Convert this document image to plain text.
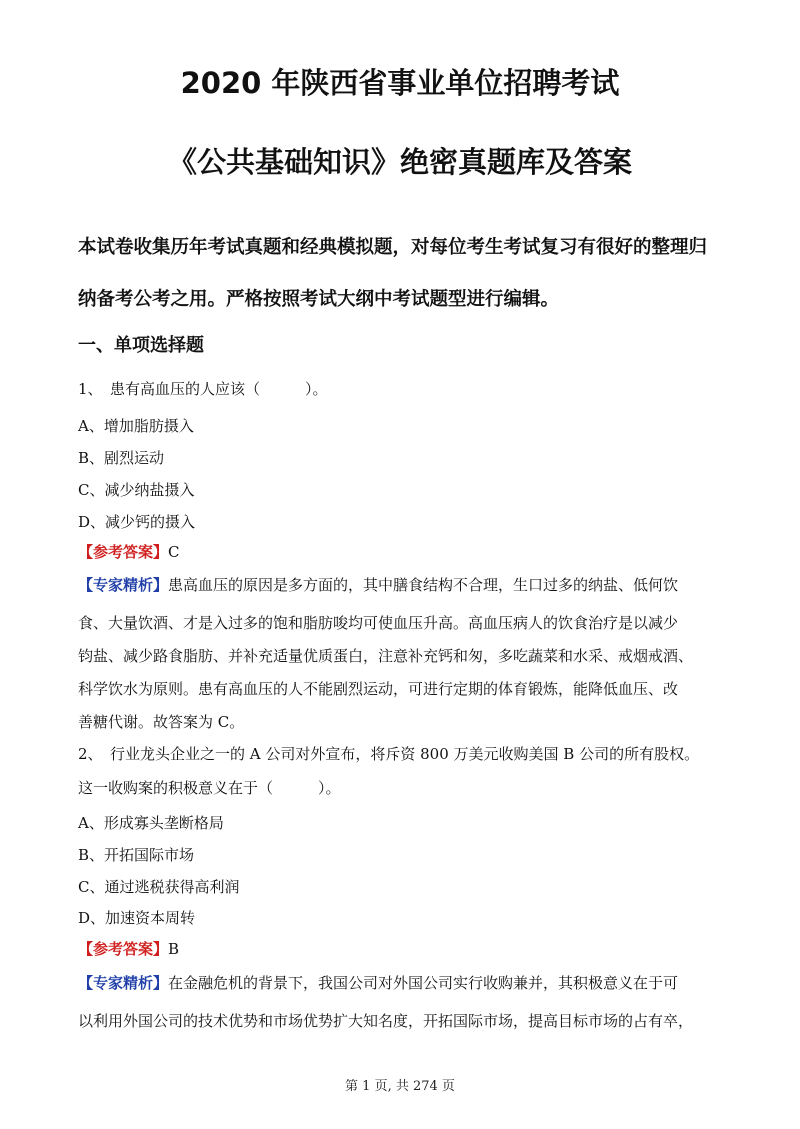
2020 年陕西省事业单位招聘考试
《公共基础知识》绝密真题库及答案
本试卷收集历年考试真题和经典模拟题，对每位考生考试复习有很好的整理归
纳备考公考之用。严格按照考试大纲中考试题型进行编辑。
一、单项选择题
1、 患有高血压的人应该（　　　）。
A、增加脂肪摄入
B、剧烈运动
C、减少纳盐摄入
D、减少钙的摄入
【参考答案】C
【专家精析】患高血压的原因是多方面的，其中膳食结构不合理，生口过多的纳盐、低何饮
食、大量饮酒、才是入过多的饱和脂肪唆均可使血压升高。高血压病人的饮食治疗是以减少
钧盐、减少路食脂肪、并补充适量优质蛋白，注意补充钙和匆，多吃蔬菜和水采、戒烟戒酒、
科学饮水为原则。患有高血压的人不能剧烈运动，可进行定期的体育锻炼，能降低血压、改
善糖代谢。故答案为 C。
2、 行业龙头企业之一的 A 公司对外宣布，将斥资 800 万美元收购美国 B 公司的所有股权。
这一收购案的积极意义在于（　　　）。
A、形成寡头垄断格局
B、开拓国际市场
C、通过逃税获得高利润
D、加速资本周转
【参考答案】B
【专家精析】在金融危机的背景下，我国公司对外国公司实行收购兼并，其积极意义在于可
以利用外国公司的技术优势和市场优势扩大知名度，开拓国际市场，提高目标市场的占有卒，
第 1 页, 共 274 页
